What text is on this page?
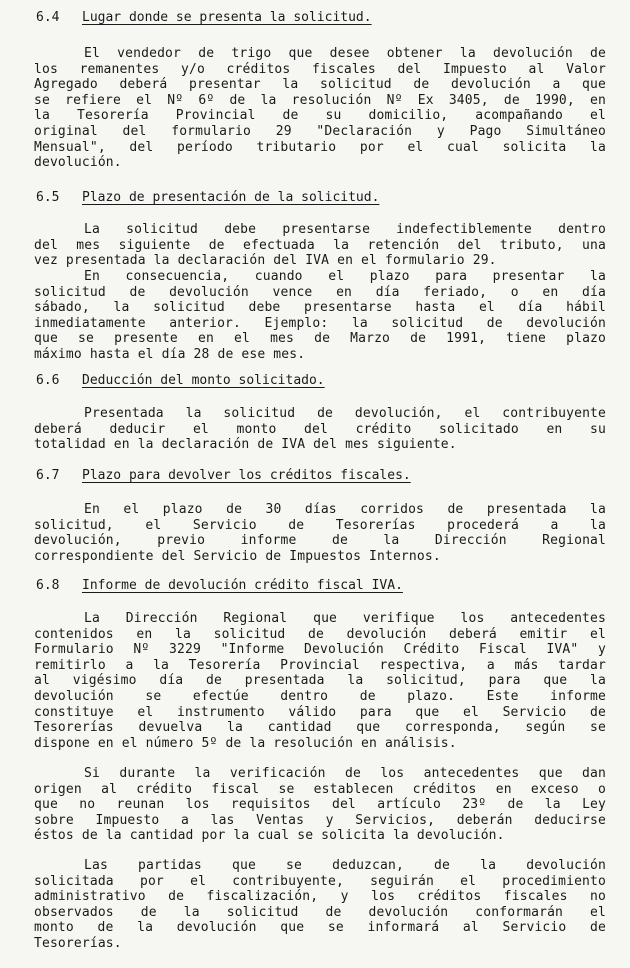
6.4 Lugar donde se presenta la solicitud.
El vendedor de trigo que desee obtener la devolución de
los remanentes y/o créditos fiscales del Impuesto al Valor
Agregado deberá presentar la solicitud de devolución a que
se refiere el Nº 6º de la resolución Nº Ex 3405, de 1990, en
la Tesorería Provincial de su domicilio, acompañando el
original del formulario 29 "Declaración y Pago Simultáneo
Mensual", del período tributario por el cual solicita la
devolución.
6.5 Plazo de presentación de la solicitud.
La solicitud debe presentarse indefectiblemente dentro
del mes siguiente de efectuada la retención del tributo, una
vez presentada la declaración del IVA en el formulario 29.
En consecuencia, cuando el plazo para presentar la
solicitud de devolución vence en día feriado, o en día
sábado, la solicitud debe presentarse hasta el día hábil
inmediatamente anterior. Ejemplo: la solicitud de devolución
que se presente en el mes de Marzo de 1991, tiene plazo
máximo hasta el día 28 de ese mes.
6.6 Deducción del monto solicitado.
Presentada la solicitud de devolución, el contribuyente
deberá deducir el monto del crédito solicitado en su
totalidad en la declaración de IVA del mes siguiente.
6.7 Plazo para devolver los créditos fiscales.
En el plazo de 30 días corridos de presentada la
solicitud, el Servicio de Tesorerías procederá a la
devolución, previo informe de la Dirección Regional
correspondiente del Servicio de Impuestos Internos.
6.8 Informe de devolución crédito fiscal IVA.
La Dirección Regional que verifique los antecedentes
contenidos en la solicitud de devolución deberá emitir el
Formulario Nº 3229 "Informe Devolución Crédito Fiscal IVA" y
remitirlo a la Tesorería Provincial respectiva, a más tardar
al vigésimo día de presentada la solicitud, para que la
devolución se efectúe dentro de plazo. Este informe
constituye el instrumento válido para que el Servicio de
Tesorerías devuelva la cantidad que corresponda, según se
dispone en el número 5º de la resolución en análisis.
Si durante la verificación de los antecedentes que dan
origen al crédito fiscal se establecen créditos en exceso o
que no reunan los requisitos del artículo 23º de la Ley
sobre Impuesto a las Ventas y Servicios, deberán deducirse
éstos de la cantidad por la cual se solicita la devolución.
Las partidas que se deduzcan, de la devolución
solicitada por el contribuyente, seguirán el procedimiento
administrativo de fiscalización, y los créditos fiscales no
observados de la solicitud de devolución conformarán el
monto de la devolución que se informará al Servicio de
Tesorerías.
